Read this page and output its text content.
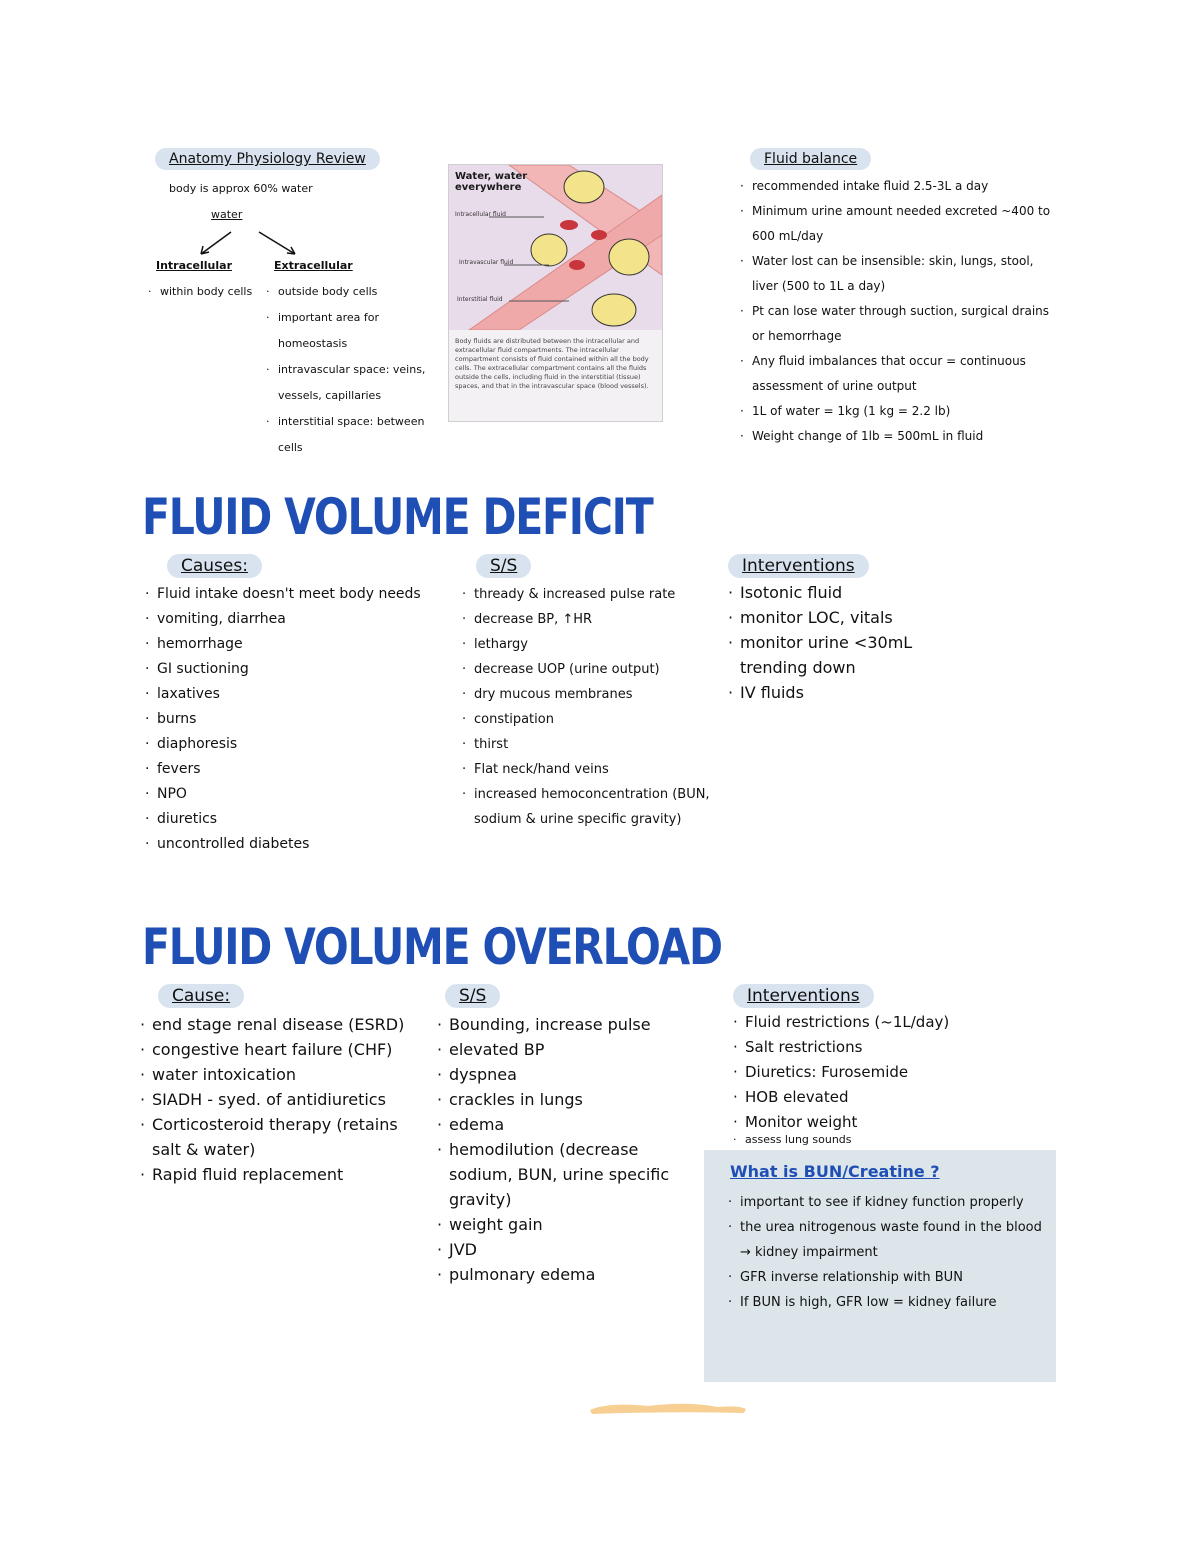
Anatomy Physiology Review
body is approx 60% water
water
Intracellular
· within body cells
Extracellular
· outside body cells
· important area for homeostasis
· intravascular space: veins, vessels, capillaries
· interstitial space: between cells
Water, water everywhere
Intracellular fluid
Intravascular fluid
Interstitial fluid
Body fluids are distributed between the intracellular and extracellular fluid compartments. The intracellular compartment consists of fluid contained within all the body cells. The extracellular compartment contains all the fluids outside the cells, including fluid in the interstitial (tissue) spaces, and that in the intravascular space (blood vessels).
Fluid balance
· recommended intake fluid 2.5-3L a day
· Minimum urine amount needed excreted ~400 to 600 mL/day
· Water lost can be insensible: skin, lungs, stool, liver (500 to 1L a day)
· Pt can lose water through suction, surgical drains or hemorrhage
· Any fluid imbalances that occur = continuous assessment of urine output
· 1L of water = 1kg (1 kg = 2.2 lb)
· Weight change of 1lb = 500mL in fluid
FLUID VOLUME DEFICIT
Causes:
· Fluid intake doesn't meet body needs
· vomiting, diarrhea
· hemorrhage
· GI suctioning
· laxatives
· burns
· diaphoresis
· fevers
· NPO
· diuretics
· uncontrolled diabetes
S/S
· thready & increased pulse rate
· decrease BP, ↑HR
· lethargy
· decrease UOP (urine output)
· dry mucous membranes
· constipation
· thirst
· Flat neck/hand veins
· increased hemoconcentration (BUN, sodium & urine specific gravity)
Interventions
· Isotonic fluid
· monitor LOC, vitals
· monitor urine <30mL trending down
· IV fluids
FLUID VOLUME OVERLOAD
Cause:
· end stage renal disease (ESRD)
· congestive heart failure (CHF)
· water intoxication
· SIADH - syed. of antidiuretics
· Corticosteroid therapy (retains salt & water)
· Rapid fluid replacement
S/S
· Bounding, increase pulse
· elevated BP
· dyspnea
· crackles in lungs
· edema
· hemodilution (decrease sodium, BUN, urine specific gravity)
· weight gain
· JVD
· pulmonary edema
Interventions
· Fluid restrictions (~1L/day)
· Salt restrictions
· Diuretics: Furosemide
· HOB elevated
· Monitor weight
· assess lung sounds
What is BUN/Creatine ?
· important to see if kidney function properly
· the urea nitrogenous waste found in the blood → kidney impairment
· GFR inverse relationship with BUN
· If BUN is high, GFR low = kidney failure
